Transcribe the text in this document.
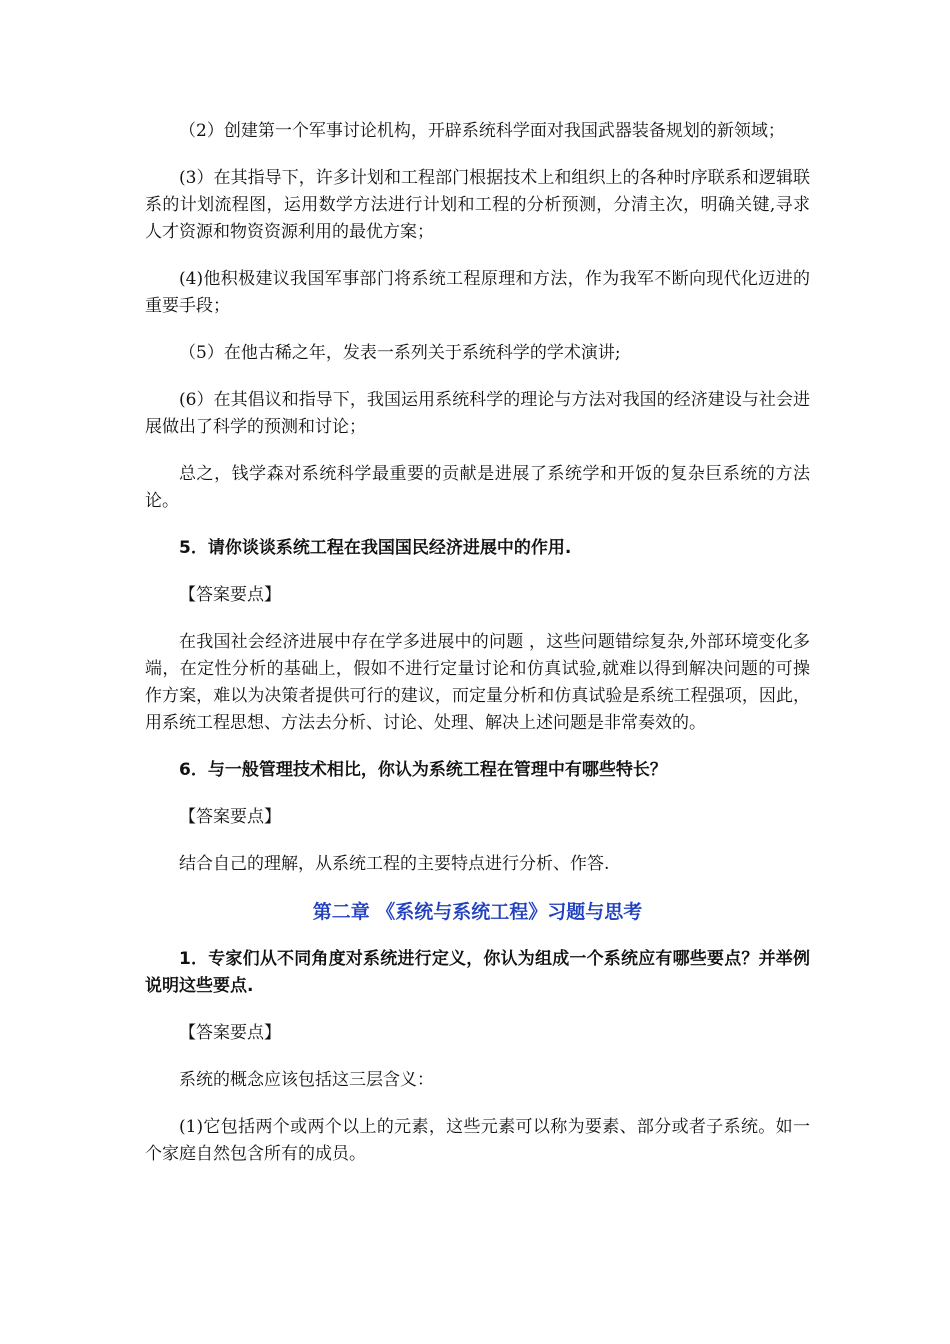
（2）创建第一个军事讨论机构，开辟系统科学面对我国武器装备规划的新领域；

(3）在其指导下，许多计划和工程部门根据技术上和组织上的各种时序联系和逻辑联系的计划流程图，运用数学方法进行计划和工程的分析预测，分清主次，明确关键,寻求人才资源和物资资源利用的最优方案；

(4)他积极建议我国军事部门将系统工程原理和方法，作为我军不断向现代化迈进的重要手段；

（5）在他古稀之年，发表一系列关于系统科学的学术演讲;

(6）在其倡议和指导下，我国运用系统科学的理论与方法对我国的经济建设与社会进展做出了科学的预测和讨论；

总之，钱学森对系统科学最重要的贡献是进展了系统学和开饭的复杂巨系统的方法论。

5．请你谈谈系统工程在我国国民经济进展中的作用.

【答案要点】

在我国社会经济进展中存在学多进展中的问题 ，这些问题错综复杂,外部环境变化多端，在定性分析的基础上，假如不进行定量讨论和仿真试验,就难以得到解决问题的可操作方案，难以为决策者提供可行的建议，而定量分析和仿真试验是系统工程强项，因此，用系统工程思想、方法去分析、讨论、处理、解决上述问题是非常奏效的。

6．与一般管理技术相比，你认为系统工程在管理中有哪些特长？

【答案要点】

结合自己的理解，从系统工程的主要特点进行分析、作答.

第二章 《系统与系统工程》习题与思考

1．专家们从不同角度对系统进行定义，你认为组成一个系统应有哪些要点？并举例说明这些要点.

【答案要点】

系统的概念应该包括这三层含义：

(1)它包括两个或两个以上的元素，这些元素可以称为要素、部分或者子系统。如一个家庭自然包含所有的成员。
